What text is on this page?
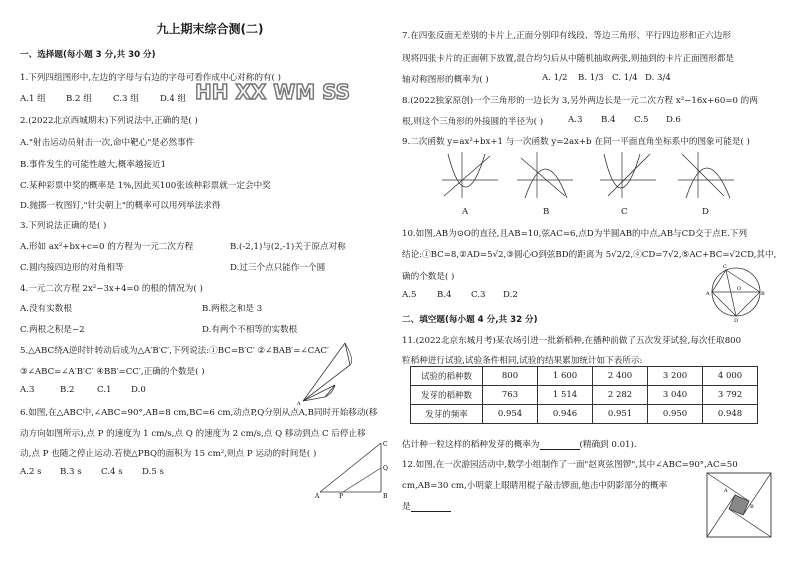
九上期末综合测(二)
HH XX WM SS
一、选择题(每小题 3 分,共 30 分)
1.下列四组图形中,左边的字母与右边的字母可看作成中心对称的有( )
A.1 组 B.2 组 C.3 组 D.4 组
2.(2022北京西城期末)下列说法中,正确的是( )
A."射击运动员射击一次,命中靶心"是必然事件
B.事件发生的可能性越大,概率越接近1
C.某种彩票中奖的概率是 1%,因此买100张该种彩票就一定会中奖
D.抛掷一枚图钉,"针尖朝上"的概率可以用列举法求得
3.下列说法正确的是( )
A.形如 ax²+bx+c=0 的方程为一元二次方程	B.(-2,1)与(2,-1)关于原点对称
C.圆内接四边形的对角相等	D.过三个点只能作一个圆
4.一元二次方程 2x²−3x+4=0 的根的情况为( )
A.没有实数根	B.两根之和是 3
C.两根之积是−2	D.有两个不相等的实数根
5.△ABC绕A逆时针转动后成为△A′B′C′,下列说法:①BC=B′C′ ②∠BAB′=∠CAC′
③∠ABC=∠A′B′C′ ④BB′=CC′,正确的个数是( )
A.3	B.2	C.1 D.0
A
6.如图,在△ABC中,∠ABC=90°,AB=8 cm,BC=6 cm,动点P,Q分别从点A,B同时开始移动(移
动方向如图所示),点 P 的速度为 1 cm/s,点 Q 的速度为 2 cm/s,点 Q 移动到点 C 后停止移
动,点 P 也随之停止运动.若使△PBQ的面积为 15 cm²,则点 P 运动的时间是( )
A.2 s B.3 s C.4 s D.5 s
A	P	B
C
Q
7.在四张反面无差别的卡片上,正面分别印有线段、等边三角形、平行四边形和正六边形
现将四张卡片的正面朝下放置,混合均匀后从中随机抽取两张,则抽到的卡片正面图形都是
轴对称图形的概率为( )	A. 1/2 B. 1/3 C. 1/4 D. 3/4
8.(2022独家原创)一个三角形的一边长为 3,另外两边长是一元二次方程 x²−16x+60=0 的两
根,则这个三角形的外接圆的半径为( )	A.3 B.4 C.5 D.6
9.二次函数 y=ax²+bx+1 与一次函数 y=2ax+b 在同一平面直角坐标系中的图象可能是( )
A	B	C	D
10.如图,AB为⊙O的直径,且AB=10,弦AC=6,点D为半圆AB的中点,AB与CD交于点E.下列
结论:①BC=8,②AD=5√2,③圆心O到弦BD的距离为 5√2/2,④CD=7√2,⑤AC+BC=√2CD,其中,
确的个数是( )
A.5 B.4 C.3 D.2	A	B
C
D
O
二、填空题(每小题 4 分,共 32 分)
11.(2022北京东城月考)某农场引进一批新稻种,在播种前做了五次发芽试验,每次任取800
粒稻种进行试验,试验条件相同,试验的结果累加统计如下表所示:
试验的稻种数	800	1 600	2 400	3 200	4 000
发芽的稻种数	763	1 514	2 282	3 040	3 792
发芽的频率	0.954	0.946	0.951	0.950	0.948
估计种一粒这样的稻种发芽的概率为	(精确到 0.01).
12.如图,在一次游园活动中,数学小组制作了一面"赵爽弦图锣",其中∠ABC=90°,AC=50
cm,AB=30 cm,小明蒙上眼睛用棍子敲击锣面,他击中阴影部分的概率
是
A
B
